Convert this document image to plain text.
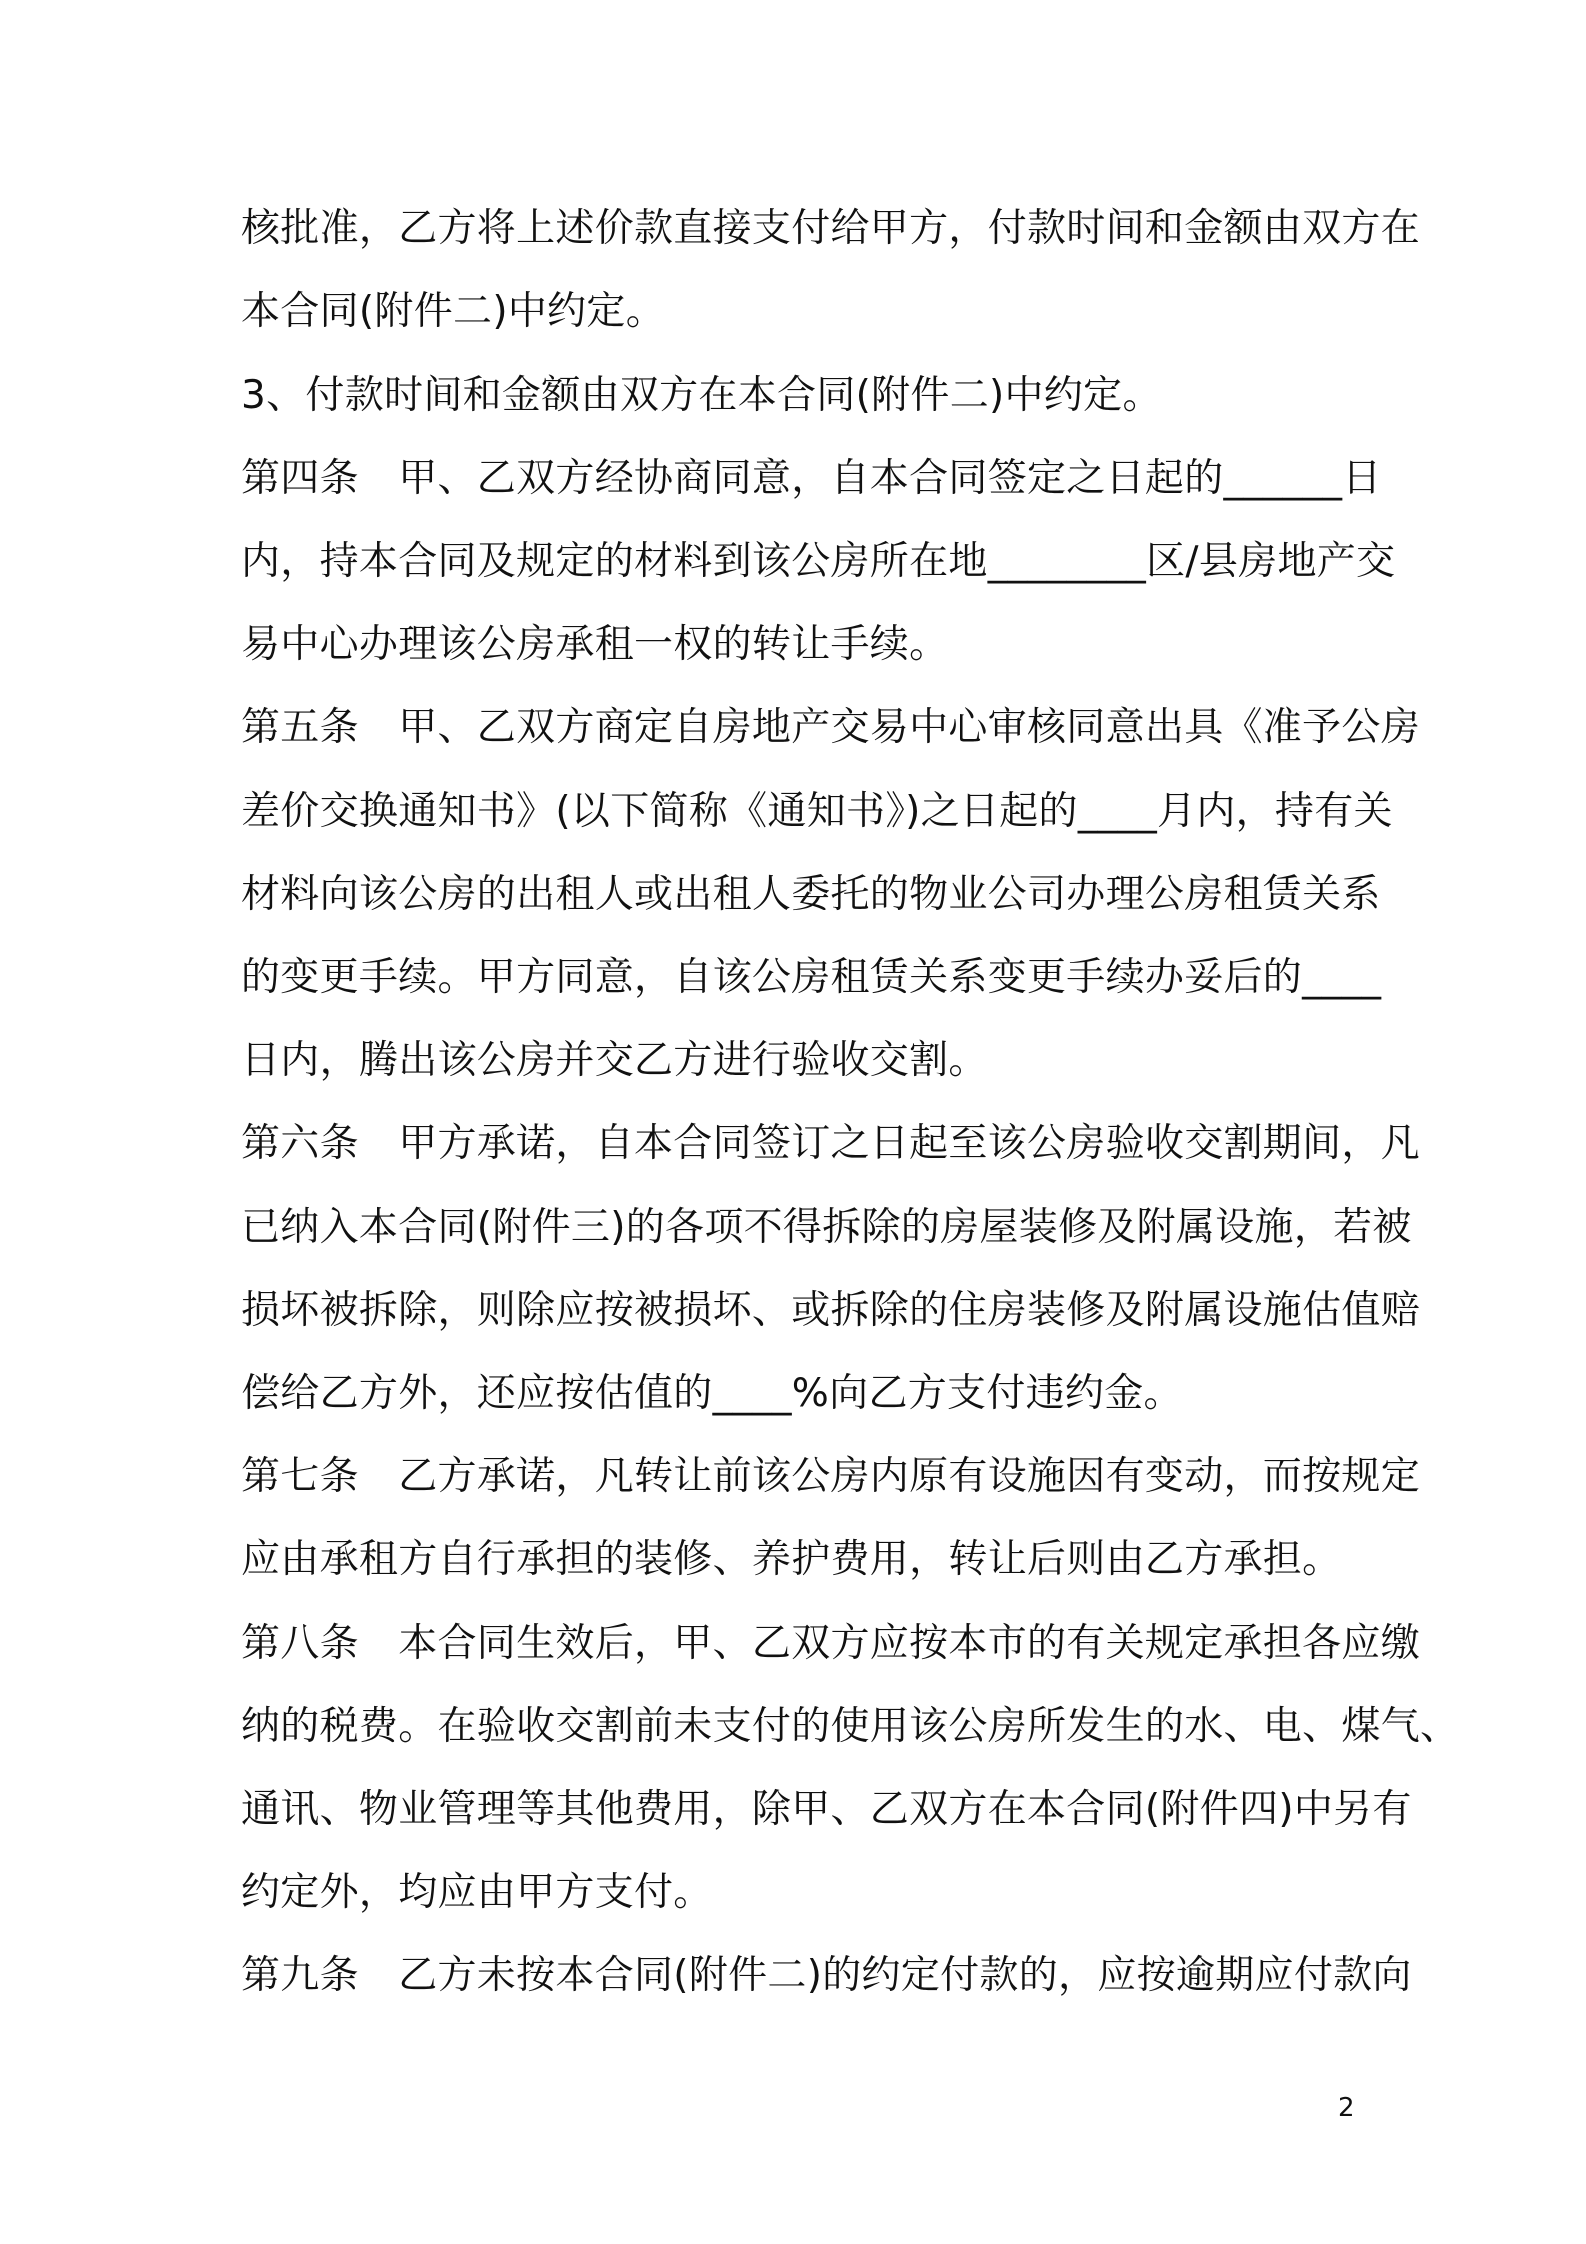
核批准，乙方将上述价款直接支付给甲方，付款时间和金额由双方在
本合同(附件二)中约定。
3、付款时间和金额由双方在本合同(附件二)中约定。
第四条　甲、乙双方经协商同意，自本合同签定之日起的______日
内，持本合同及规定的材料到该公房所在地________区/县房地产交
易中心办理该公房承租一权的转让手续。
第五条　甲、乙双方商定自房地产交易中心审核同意出具《准予公房
差价交换通知书》(以下简称《通知书》)之日起的____月内，持有关
材料向该公房的出租人或出租人委托的物业公司办理公房租赁关系
的变更手续。甲方同意，自该公房租赁关系变更手续办妥后的____
日内，腾出该公房并交乙方进行验收交割。
第六条　甲方承诺，自本合同签订之日起至该公房验收交割期间，凡
已纳入本合同(附件三)的各项不得拆除的房屋装修及附属设施，若被
损坏被拆除，则除应按被损坏、或拆除的住房装修及附属设施估值赔
偿给乙方外，还应按估值的____%向乙方支付违约金。
第七条　乙方承诺，凡转让前该公房内原有设施因有变动，而按规定
应由承租方自行承担的装修、养护费用，转让后则由乙方承担。
第八条　本合同生效后，甲、乙双方应按本市的有关规定承担各应缴
纳的税费。在验收交割前未支付的使用该公房所发生的水、电、煤气、
通讯、物业管理等其他费用，除甲、乙双方在本合同(附件四)中另有
约定外，均应由甲方支付。
第九条　乙方未按本合同(附件二)的约定付款的，应按逾期应付款向
2
